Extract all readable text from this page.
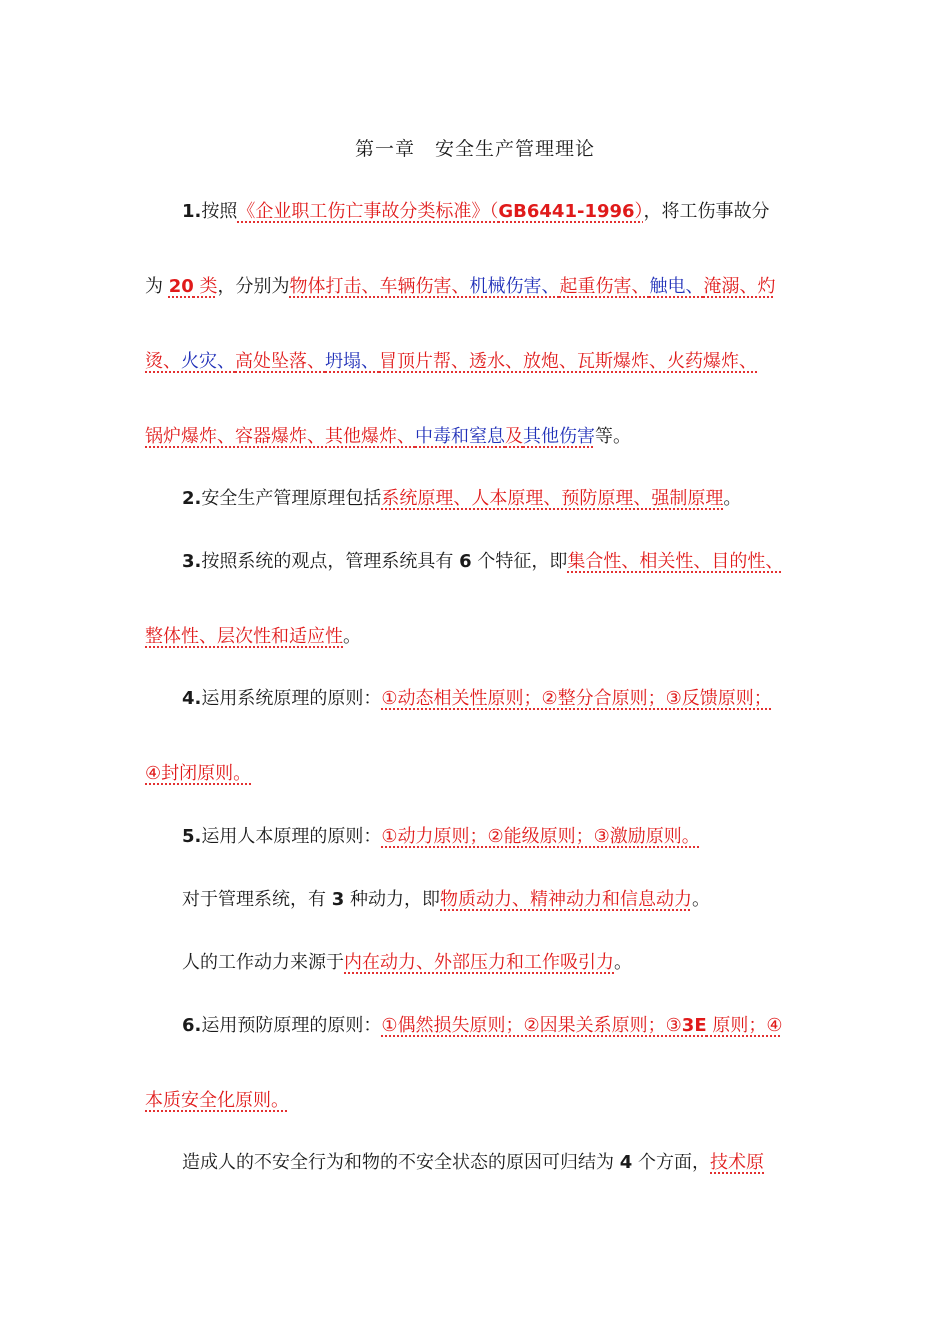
第一章　安全生产管理理论
1.按照《企业职工伤亡事故分类标准》（GB6441-1996），将工伤事故分
为 20 类，分别为物体打击、车辆伤害、机械伤害、起重伤害、触电、淹溺、灼
烫、火灾、高处坠落、坍塌、冒顶片帮、透水、放炮、瓦斯爆炸、火药爆炸、
锅炉爆炸、容器爆炸、其他爆炸、中毒和窒息及其他伤害等。
2.安全生产管理原理包括系统原理、人本原理、预防原理、强制原理。
3.按照系统的观点，管理系统具有 6 个特征，即集合性、相关性、目的性、
整体性、层次性和适应性。
4.运用系统原理的原则：①动态相关性原则；②整分合原则；③反馈原则；
④封闭原则。
5.运用人本原理的原则：①动力原则；②能级原则；③激励原则。
对于管理系统，有 3 种动力，即物质动力、精神动力和信息动力。
人的工作动力来源于内在动力、外部压力和工作吸引力。
6.运用预防原理的原则：①偶然损失原则；②因果关系原则；③3E 原则；④
本质安全化原则。
造成人的不安全行为和物的不安全状态的原因可归结为 4 个方面，技术原
